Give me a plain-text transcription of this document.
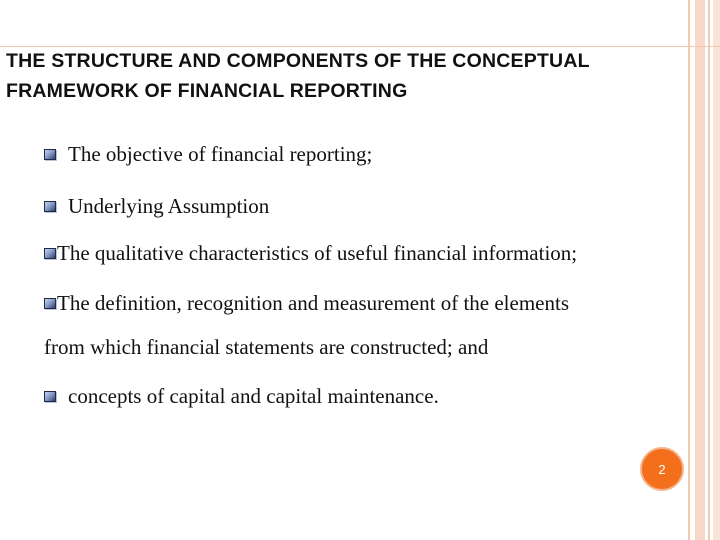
THE STRUCTURE AND COMPONENTS OF THE CONCEPTUAL FRAMEWORK OF FINANCIAL REPORTING
The objective of financial reporting;
Underlying Assumption
The qualitative characteristics of useful financial information;
The definition, recognition and measurement of the elements
from which financial statements are constructed; and
concepts of capital and capital maintenance.
2
